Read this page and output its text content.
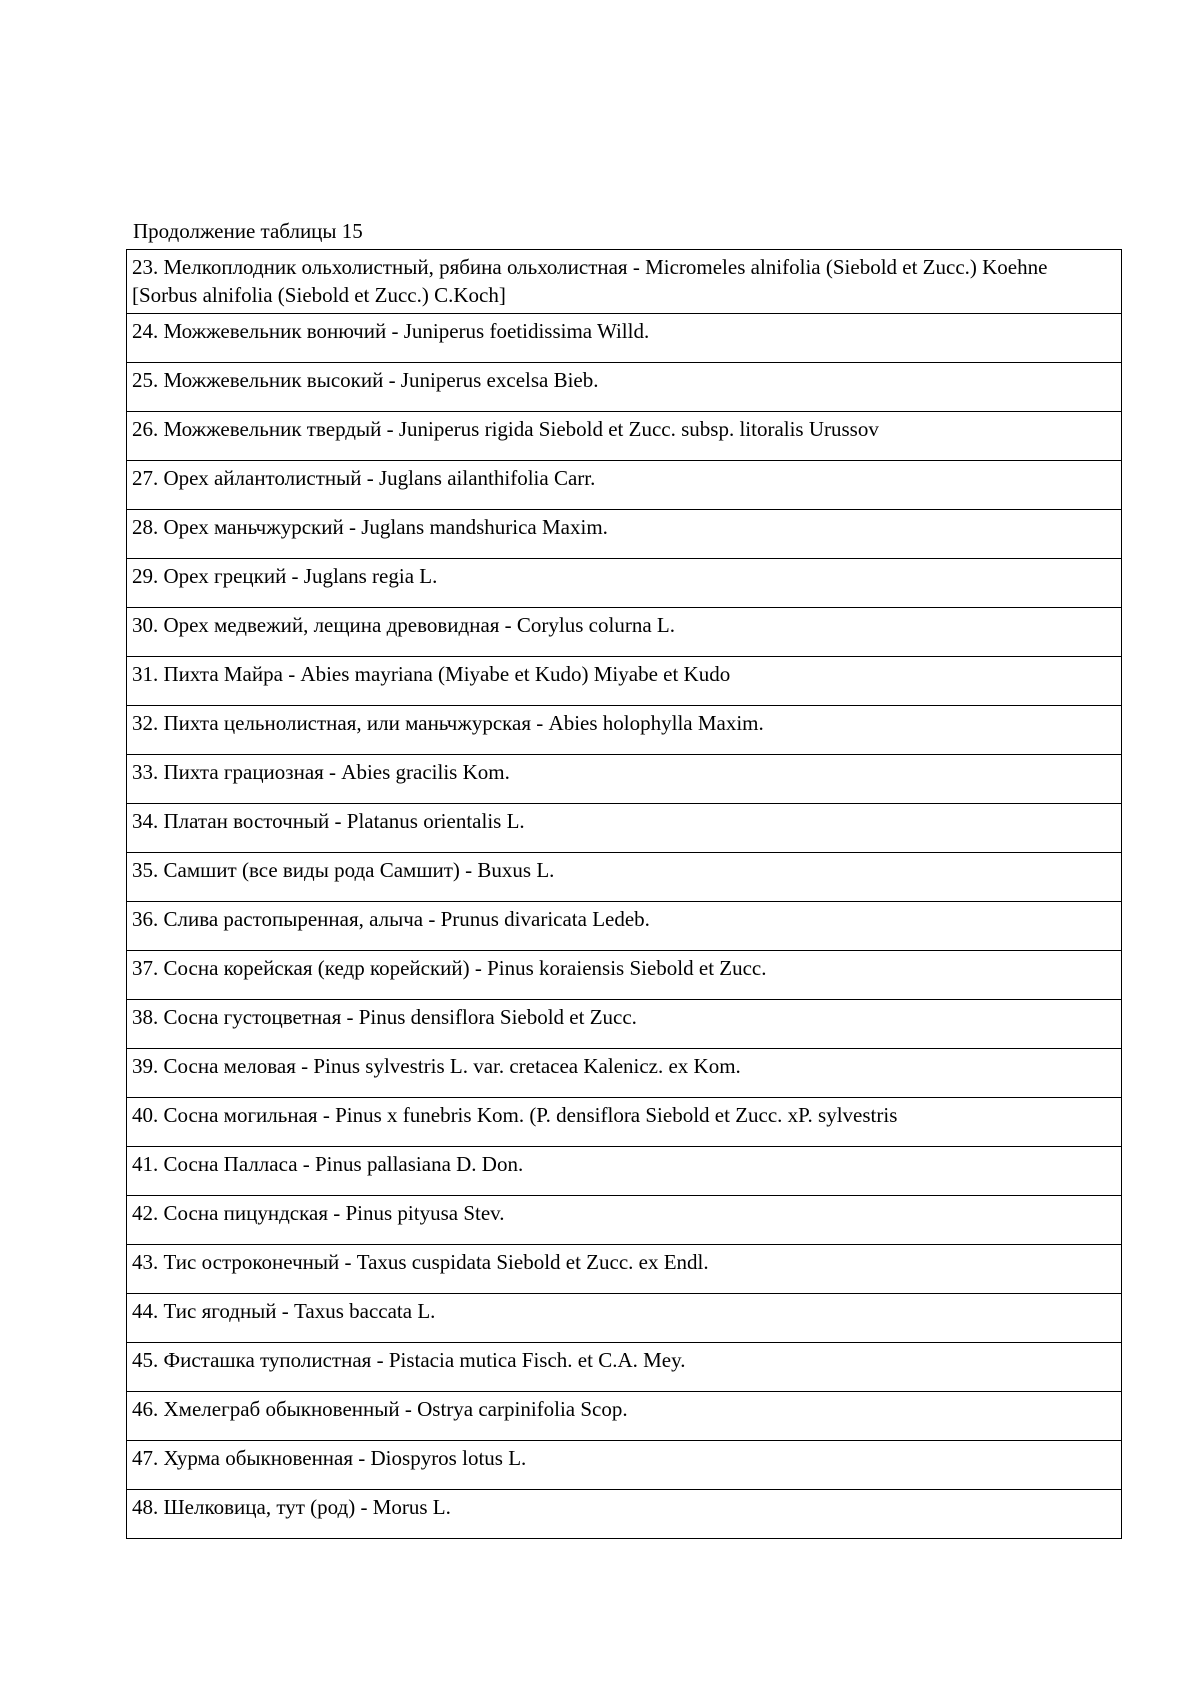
Продолжение таблицы 15
23. Мелкоплодник ольхолистный, рябина ольхолистная - Micromeles alnifolia (Siebold et Zucc.) Koehne [Sorbus alnifolia (Siebold et Zucc.) C.Koch]
24. Можжевельник вонючий - Juniperus foetidissima Willd.
25. Можжевельник высокий - Juniperus excelsa Bieb.
26. Можжевельник твердый - Juniperus rigida Siebold et Zucc. subsp. litoralis Urussov
27. Орех айлантолистный - Juglans ailanthifolia Carr.
28. Орех маньчжурский - Juglans mandshurica Maxim.
29. Орех грецкий - Juglans regia L.
30. Орех медвежий, лещина древовидная - Corylus colurna L.
31. Пихта Майра - Abies mayriana (Miyabe et Kudo) Miyabe et Kudo
32. Пихта цельнолистная, или маньчжурская - Abies holophylla Maxim.
33. Пихта грациозная - Abies gracilis Kom.
34. Платан восточный - Platanus orientalis L.
35. Самшит (все виды рода Самшит) - Buxus L.
36. Слива растопыренная, алыча - Prunus divaricata Ledeb.
37. Сосна корейская (кедр корейский) - Pinus koraiensis Siebold et Zucc.
38. Сосна густоцветная - Pinus densiflora Siebold et Zucc.
39. Сосна меловая - Pinus sylvestris L. var. cretacea Kalenicz. ex Kom.
40. Сосна могильная - Pinus x funebris Kom. (P. densiflora Siebold et Zucc. xP. sylvestris
41. Сосна Палласа - Pinus pallasiana D. Don.
42. Сосна пицундская - Pinus pityusa Stev.
43. Тис остроконечный - Taxus cuspidata Siebold et Zucc. ex Endl.
44. Тис ягодный - Taxus baccata L.
45. Фисташка туполистная - Pistacia mutica Fisch. et C.A. Mey.
46. Хмелеграб обыкновенный - Ostrya carpinifolia Scop.
47. Хурма обыкновенная - Diospyros lotus L.
48. Шелковица, тут (род) - Morus L.
